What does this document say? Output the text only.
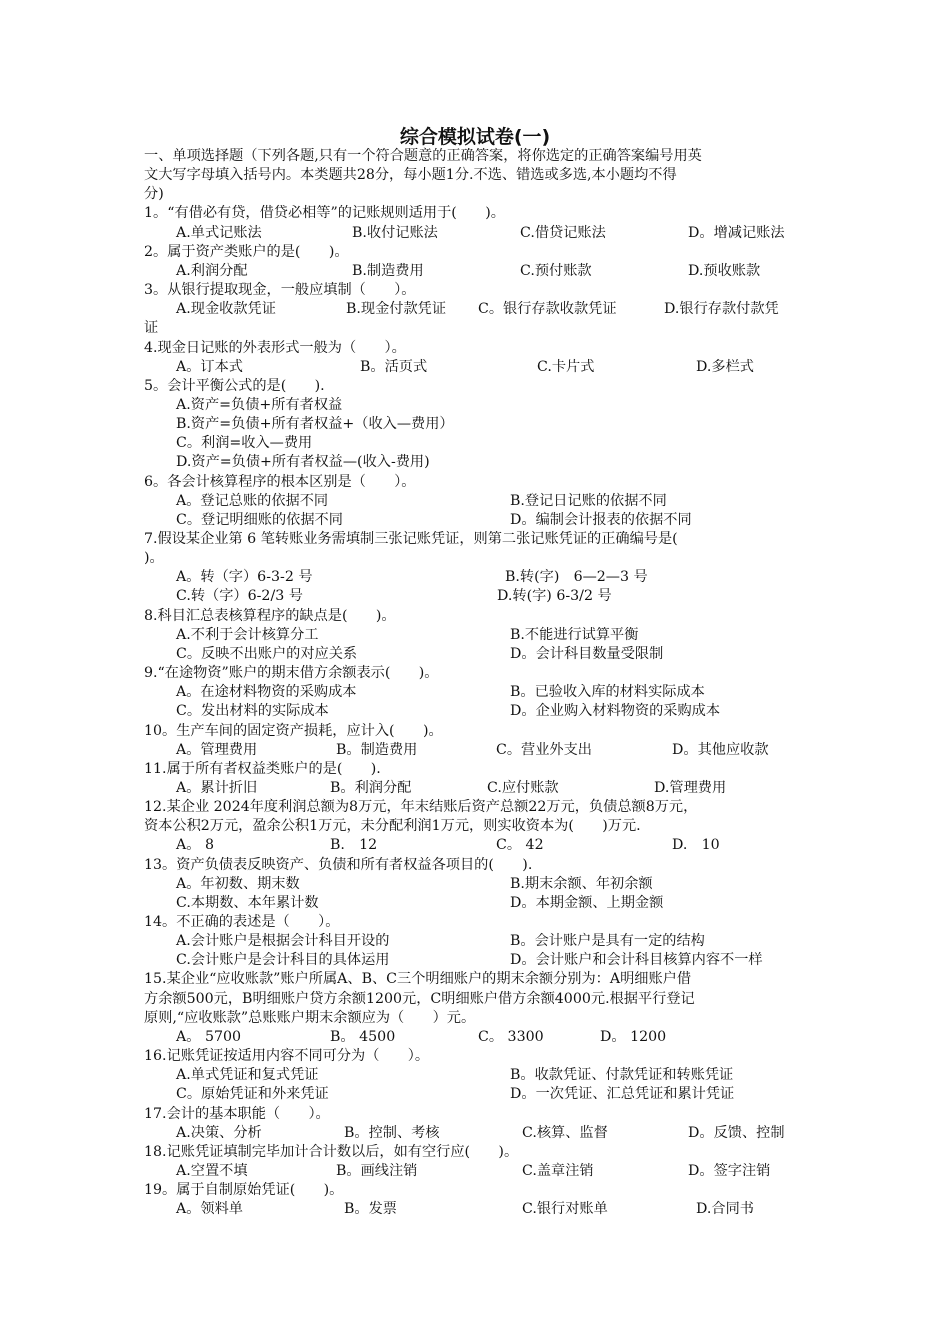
综合模拟试卷(一)
一、单项选择题（下列各题,只有一个符合题意的正确答案，将你选定的正确答案编号用英
文大写字母填入括号内。本类题共28分，每小题1分.不选、错选或多选,本小题均不得
分)
1。“有借必有贷，借贷必相等”的记账规则适用于(　　)。
A.单式记账法	B.收付记账法	C.借贷记账法	D。增减记账法
2。属于资产类账户的是(　　)。
A.利润分配	B.制造费用	C.预付账款	D.预收账款
3。从银行提取现金，一般应填制（　　）。
A.现金收款凭证	B.现金付款凭证 C。银行存款收款凭证	D.银行存款付款凭
证
4.现金日记账的外表形式一般为（　　）。
A。订本式	B。活页式	C.卡片式	D.多栏式
5。会计平衡公式的是(　　).
A.资产=负债+所有者权益
B.资产=负债+所有者权益+（收入—费用）
C。利润=收入—费用
D.资产=负债+所有者权益—(收入-费用)
6。各会计核算程序的根本区别是（　　）。
A。登记总账的依据不同	B.登记日记账的依据不同
C。登记明细账的依据不同	D。编制会计报表的依据不同
7.假设某企业第 6 笔转账业务需填制三张记账凭证，则第二张记账凭证的正确编号是(
)。
A。转（字）6-3-2 号	B.转(字)　6—2—3 号
C.转（字）6-2/3 号	D.转(字) 6-3/2 号
8.科目汇总表核算程序的缺点是(　　)。
A.不利于会计核算分工	B.不能进行试算平衡
C。反映不出账户的对应关系	D。会计科目数量受限制
9.“在途物资”账户的期末借方余额表示(　　)。
A。在途材料物资的采购成本	B。已验收入库的材料实际成本
C。发出材料的实际成本	D。企业购入材料物资的采购成本
10。生产车间的固定资产损耗，应计入(　　)。
A。管理费用	B。制造费用	C。营业外支出	D。其他应收款
11.属于所有者权益类账户的是(　　).
A。累计折旧	B。利润分配	C.应付账款	D.管理费用
12.某企业 2024年度利润总额为8万元，年末结账后资产总额22万元，负债总额8万元，
资本公积2万元，盈余公积1万元，未分配利润1万元，则实收资本为(　　)万元.
A。 8	B.　12	C。 42	D.　10
13。资产负债表反映资产、负债和所有者权益各项目的(　　).
A。年初数、期末数	B.期末余额、年初余额
C.本期数、本年累计数	D。本期金额、上期金额
14。不正确的表述是（　　）。
A.会计账户是根据会计科目开设的	B。会计账户是具有一定的结构
C.会计账户是会计科目的具体运用	D。会计账户和会计科目核算内容不一样
15.某企业“应收账款”账户所属A、B、C三个明细账户的期末余额分别为：A明细账户借
方余额500元，B明细账户贷方余额1200元，C明细账户借方余额4000元.根据平行登记
原则,“应收账款”总账账户期末余额应为（　　）元。
A。 5700	B。 4500	C。 3300	D。 1200
16.记账凭证按适用内容不同可分为（　　）。
A.单式凭证和复式凭证	B。收款凭证、付款凭证和转账凭证
C。原始凭证和外来凭证	D。一次凭证、汇总凭证和累计凭证
17.会计的基本职能（　　）。
A.决策、分析	B。控制、考核	C.核算、监督	D。反馈、控制
18.记账凭证填制完毕加计合计数以后，如有空行应(　　)。
A.空置不填	B。画线注销	C.盖章注销	D。签字注销
19。属于自制原始凭证(　　)。
A。领料单	B。发票	C.银行对账单	D.合同书
